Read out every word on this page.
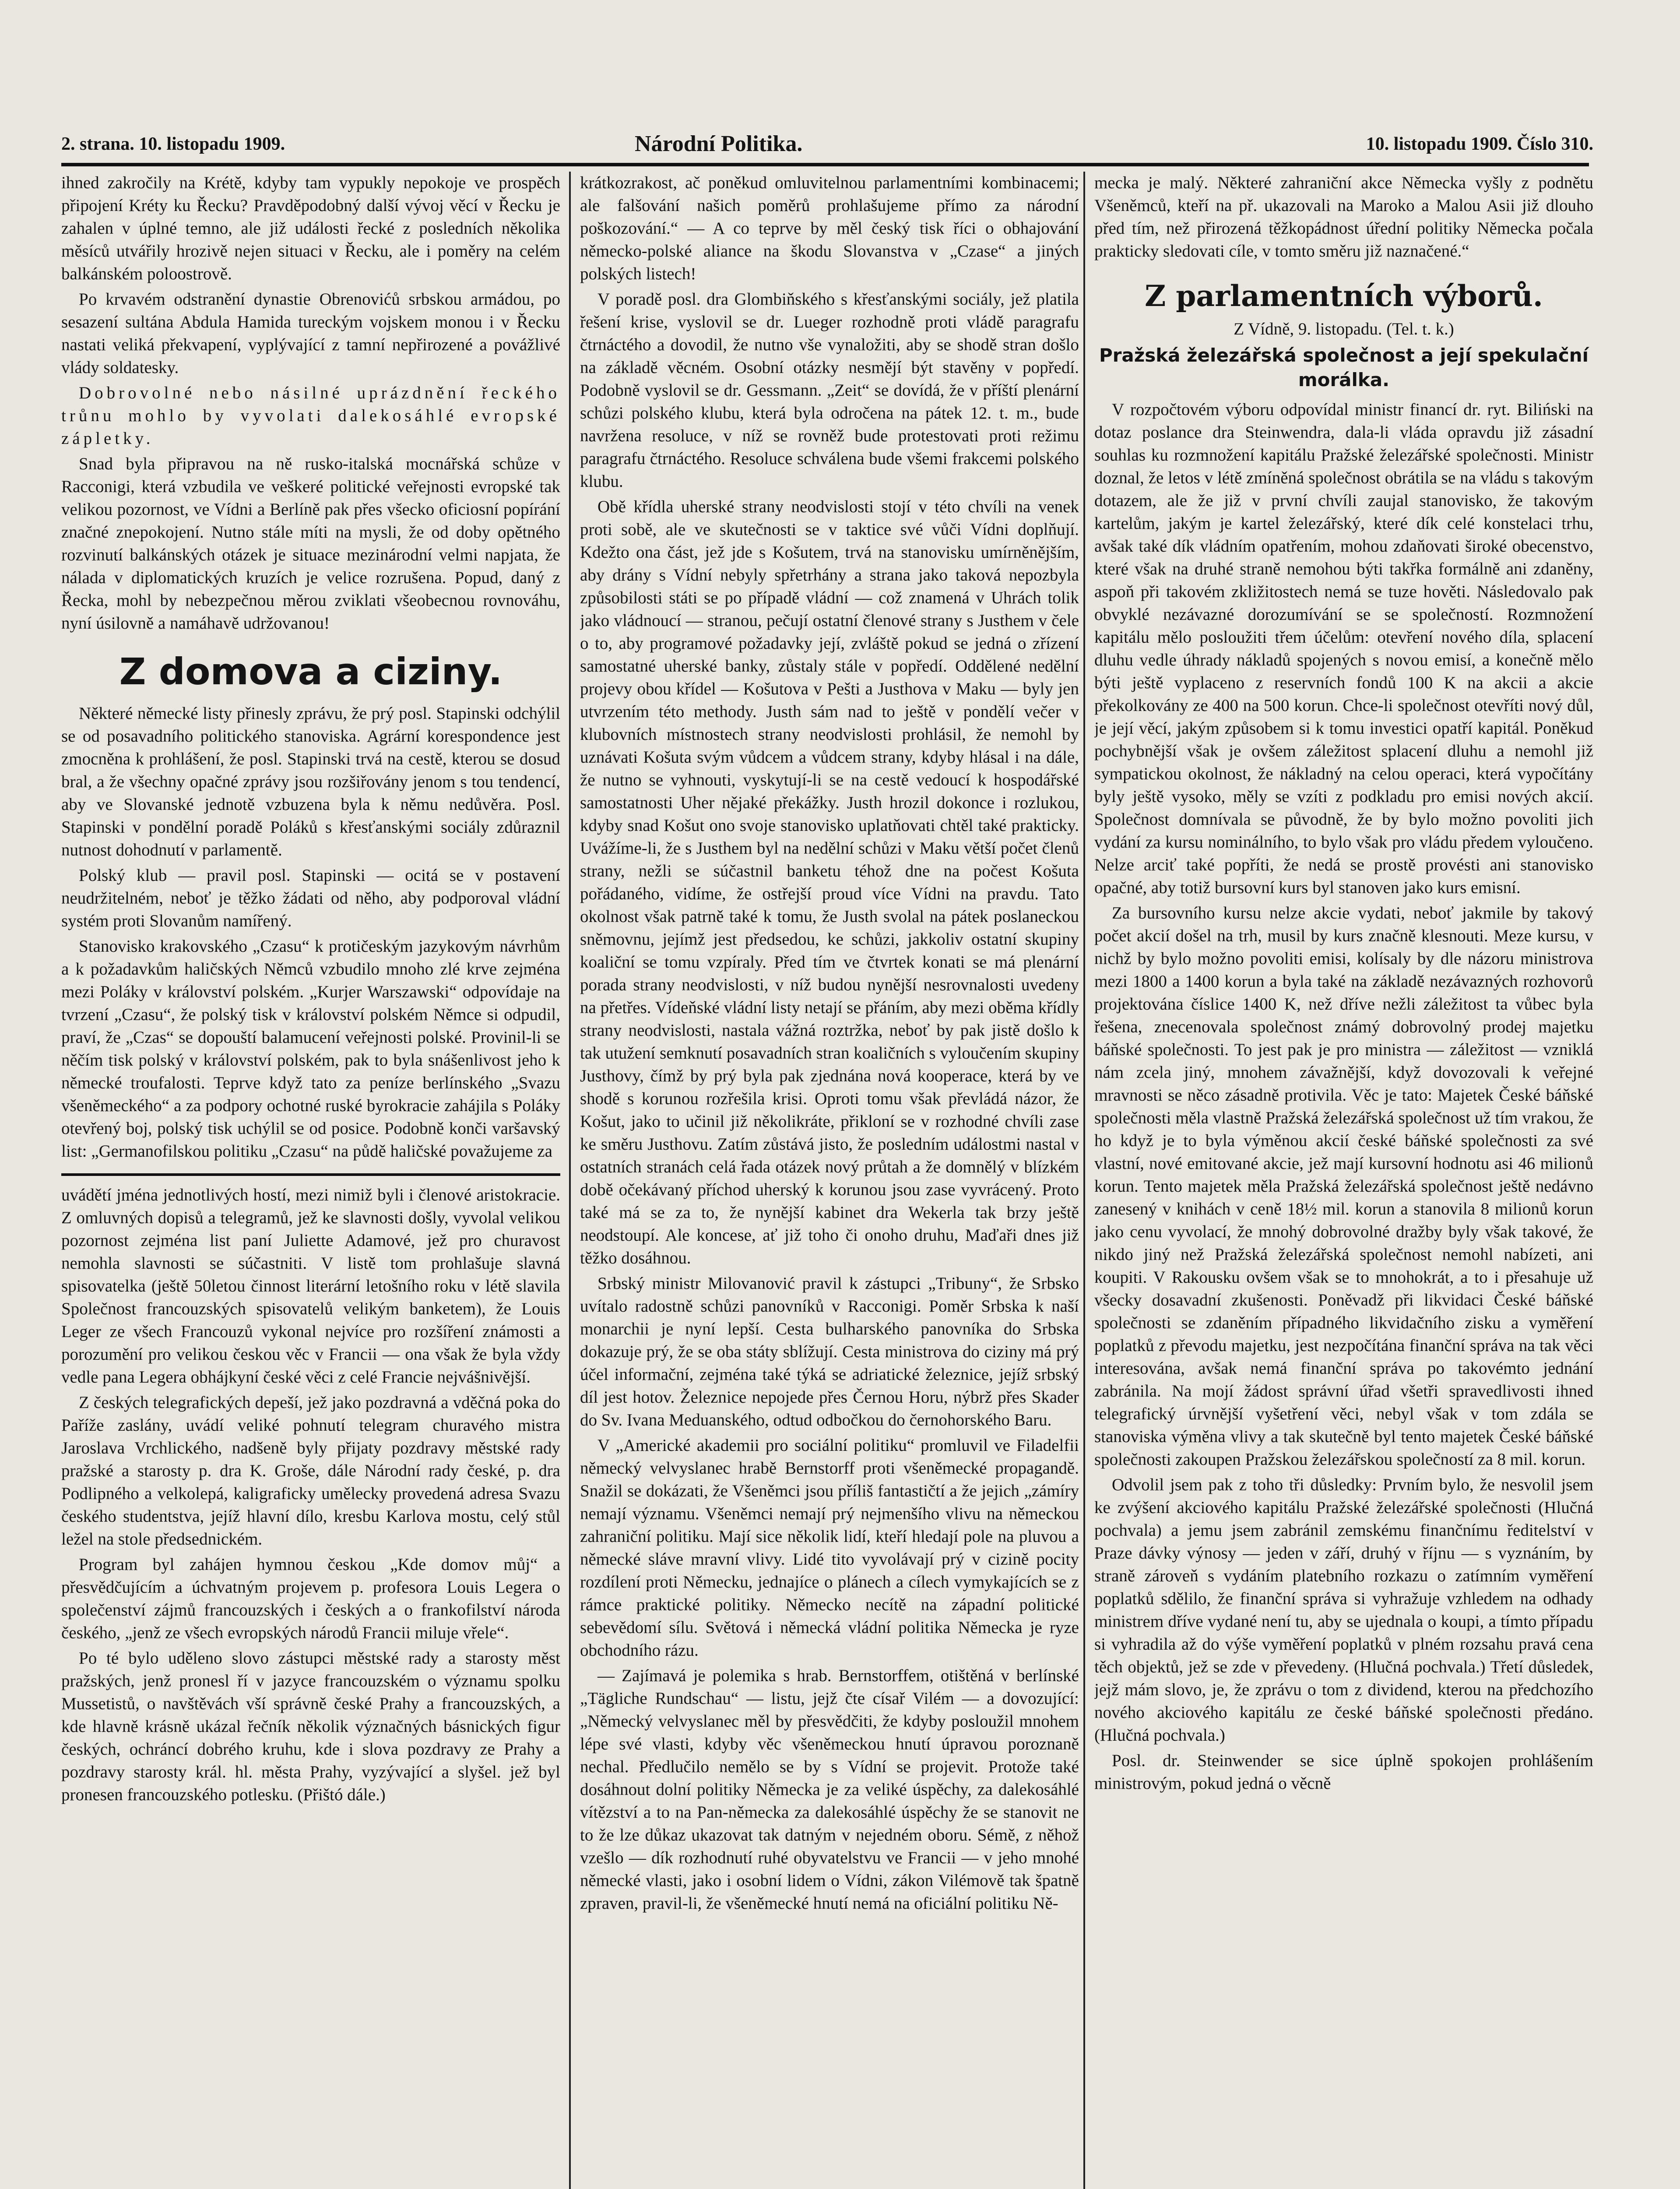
2. strana. 10. listopadu 1909.	Národní Politika.	10. listopadu 1909. Číslo 310.

ihned zakročily na Krétě, kdyby tam vypukly nepokoje ve prospěch připojení Kréty ku Řecku? Pravděpodobný další vývoj věcí v Řecku je zahalen v úplné temno, ale již události řecké z posledních několika měsíců utvářily hrozivě nejen situaci v Řecku, ale i poměry na celém balkánském poloostrově.

Po krvavém odstranění dynastie Obrenovićů srbskou armádou, po sesazení sultána Abdula Hamida tureckým vojskem monou i v Řecku nastati veliká překvapení, vyplývající z tamní nepřirozené a povážlivé vlády soldatesky.

Dobrovolné nebo násilné uprázdnění řeckého trůnu mohlo by vyvolati dalekosáhlé evropské zápletky.

Snad byla připravou na ně rusko-italská mocnářská schůze v Racconigi, která vzbudila ve veškeré politické veřejnosti evropské tak velikou pozornost, ve Vídni a Berlíně pak přes všecko oficiosní popírání značné znepokojení. Nutno stále míti na mysli, že od doby opětného rozvinutí balkánských otázek je situace mezinárodní velmi napjata, že nálada v diplomatických kruzích je velice rozrušena. Popud, daný z Řecka, mohl by nebezpečnou měrou zviklati všeobecnou rovnováhu, nyní úsilovně a namáhavě udržovanou!

Z domova a ciziny.

Některé německé listy přinesly zprávu, že prý posl. Stapinski odchýlil se od posavadního politického stanoviska. Agrární korespondence jest zmocněna k prohlášení, že posl. Stapinski trvá na cestě, kterou se dosud bral, a že všechny opačné zprávy jsou rozšiřovány jenom s tou tendencí, aby ve Slovanské jednotě vzbuzena byla k němu nedůvěra. Posl. Stapinski v pondělní poradě Poláků s křesťanskými sociály zdůraznil nutnost dohodnutí v parlamentě.

Polský klub — pravil posl. Stapinski — ocitá se v postavení neudržitelném, neboť je těžko žádati od něho, aby podporoval vládní systém proti Slovanům namířený.

Stanovisko krakovského „Czasu“ k protičeským jazykovým návrhům a k požadavkům haličských Němců vzbudilo mnoho zlé krve zejména mezi Poláky v království polském. „Kurjer Warszawski“ odpovídaje na tvrzení „Czasu“, že polský tisk v království polském Němce si odpudil, praví, že „Czas“ se dopouští balamucení veřejnosti polské. Provinil-li se něčím tisk polský v království polském, pak to byla snášenlivost jeho k německé troufalosti. Teprve když tato za peníze berlínského „Svazu všeněmeckého“ a za podpory ochotné ruské byrokracie zahájila s Poláky otevřený boj, polský tisk uchýlil se od posice. Podobně konči varšavský list: „Germanofilskou politiku „Czasu“ na půdě haličské považujeme za

uvádětí jména jednotlivých hostí, mezi nimiž byli i členové aristokracie. Z omluvných dopisů a telegramů, jež ke slavnosti došly, vyvolal velikou pozornost zejména list paní Juliette Adamové, jež pro churavost nemohla slavnosti se súčastniti. V listě tom prohlašuje slavná spisovatelka (ještě 50letou činnost literární letošního roku v létě slavila Společnost francouzských spisovatelů velikým banketem), že Louis Leger ze všech Francouzů vykonal nejvíce pro rozšíření známosti a porozumění pro velikou českou věc v Francii — ona však že byla vždy vedle pana Legera obhájkyní české věci z celé Francie nejvášnivější.

Z českých telegrafických depeší, jež jako pozdravná a vděčná poka do Paříže zaslány, uvádí veliké pohnutí telegram churavého mistra Jaroslava Vrchlického, nadšeně byly přijaty pozdravy městské rady pražské a starosty p. dra K. Groše, dále Národní rady české, p. dra Podlipného a velkolepá, kaligraficky umělecky provedená adresa Svazu českého studentstva, jejíž hlavní dílo, kresbu Karlova mostu, celý stůl ležel na stole předsednickém.

Program byl zahájen hymnou českou „Kde domov můj“ a přesvědčujícím a úchvatným projevem p. profesora Louis Legera o společenství zájmů francouzských i českých a o frankofilství národa českého, „jenž ze všech evropských národů Francii miluje vřele“.

Po té bylo uděleno slovo zástupci městské rady a starosty měst pražských, jenž pronesl ří v jazyce francouzském o významu spolku Mussetistů, o navštěvách vší správně české Prahy a francouzských, a kde hlavně krásně ukázal řečník několik význačných básnických figur českých, ochráncí dobrého kruhu, kde i slova pozdravy ze Prahy a pozdravy starosty král. hl. města Prahy, vyzývající a slyšel. jež byl pronesen francouzského potlesku. (Přištó dále.)

krátkozrakost, ač poněkud omluvitelnou parlamentními kombinacemi; ale falšování našich poměrů prohlašujeme přímo za národní poškozování.“ — A co teprve by měl český tisk říci o obhajování německo-polské aliance na škodu Slovanstva v „Czase“ a jiných polských listech!

V poradě posl. dra Glombiňského s křesťanskými sociály, jež platila řešení krise, vyslovil se dr. Lueger rozhodně proti vládě paragrafu čtrnáctého a dovodil, že nutno vše vynaložiti, aby se shodě stran došlo na základě věcném. Osobní otázky nesmějí být stavěny v popředí. Podobně vyslovil se dr. Gessmann. „Zeit“ se dovídá, že v příští plenární schůzi polského klubu, která byla odročena na pátek 12. t. m., bude navržena resoluce, v níž se rovněž bude protestovati proti režimu paragrafu čtrnáctého. Resoluce schválena bude všemi frakcemi polského klubu.

Obě křídla uherské strany neodvislosti stojí v této chvíli na venek proti sobě, ale ve skutečnosti se v taktice své vůči Vídni doplňují. Kdežto ona část, jež jde s Košutem, trvá na stanovisku umírněnějším, aby drány s Vídní nebyly spřetrhány a strana jako taková nepozbyla způsobilosti státi se po případě vládní — což znamená v Uhrách tolik jako vládnoucí — stranou, pečují ostatní členové strany s Justhem v čele o to, aby programové požadavky její, zvláště pokud se jedná o zřízení samostatné uherské banky, zůstaly stále v popředí. Oddělené nedělní projevy obou křídel — Košutova v Pešti a Justhova v Maku — byly jen utvrzením této methody. Justh sám nad to ještě v pondělí večer v klubovních místnostech strany neodvislosti prohlásil, že nemohl by uznávati Košuta svým vůdcem a vůdcem strany, kdyby hlásal i na dále, že nutno se vyhnouti, vyskytují-li se na cestě vedoucí k hospodářské samostatnosti Uher nějaké překážky. Justh hrozil dokonce i rozlukou, kdyby snad Košut ono svoje stanovisko uplatňovati chtěl také prakticky. Uvážíme-li, že s Justhem byl na nedělní schůzi v Maku větší počet členů strany, nežli se súčastnil banketu téhož dne na počest Košuta pořádaného, vidíme, že ostřejší proud více Vídni na pravdu. Tato okolnost však patrně také k tomu, že Justh svolal na pátek poslaneckou sněmovnu, jejímž jest předsedou, ke schůzi, jakkoliv ostatní skupiny koaliční se tomu vzpíraly. Před tím ve čtvrtek konati se má plenární porada strany neodvislosti, v níž budou nynější nesrovnalosti uvedeny na přetřes. Vídeňské vládní listy netají se přáním, aby mezi oběma křídly strany neodvislosti, nastala vážná roztržka, neboť by pak jistě došlo k tak utužení semknutí posavadních stran koaličních s vyloučením skupiny Justhovy, čímž by prý byla pak zjednána nová kooperace, která by ve shodě s korunou rozřešila krisi. Oproti tomu však převládá názor, že Košut, jako to učinil již několikráte, přikloní se v rozhodné chvíli zase ke směru Justhovu. Zatím zůstává jisto, že posledním událostmi nastal v ostatních stranách celá řada otázek nový průtah a že domnělý v blízkém době očekávaný příchod uherský k korunou jsou zase vyvrácený. Proto také má se za to, že nynější kabinet dra Wekerla tak brzy ještě neodstoupí. Ale koncese, ať již toho či onoho druhu, Maďaři dnes již těžko dosáhnou.

Srbský ministr Milovanović pravil k zástupci „Tribuny“, že Srbsko uvítalo radostně schůzi panovníků v Racconigi. Poměr Srbska k naší monarchii je nyní lepší. Cesta bulharského panovníka do Srbska dokazuje prý, že se oba státy sblížují. Cesta ministrova do ciziny má prý účel informační, zejména také týká se adriatické železnice, jejíž srbský díl jest hotov. Železnice nepojede přes Černou Horu, nýbrž přes Skader do Sv. Ivana Meduanského, odtud odbočkou do černohorského Baru.

V „Americké akademii pro sociální politiku“ promluvil ve Filadelfii německý velvyslanec hrabě Bernstorff proti všeněmecké propagandě. Snažil se dokázati, že Všeněmci jsou příliš fantastičtí a že jejich „zámíry nemají významu. Všeněmci nemají prý nejmenšího vlivu na německou zahraniční politiku. Mají sice několik lidí, kteří hledají pole na pluvou a německé sláve mravní vlivy. Lidé tito vyvolávají prý v cizině pocity rozdílení proti Německu, jednajíce o plánech a cílech vymykajících se z rámce praktické politiky. Německo necítě na západní politické sebevědomí sílu. Světová i německá vládní politika Německa je ryze obchodního rázu.

— Zajímavá je polemika s hrab. Bernstorffem, otištěná v berlínské „Tägliche Rundschau“ — listu, jejž čte císař Vilém — a dovozující: „Německý velvyslanec měl by přesvědčiti, že kdyby posloužil mnohem lépe své vlasti, kdyby věc všeněmeckou hnutí úpravou poroznaně nechal. Předlučilo nemělo se by s Vídní se projevit. Protože také dosáhnout dolní politiky Německa je za veliké úspěchy, za dalekosáhlé vítězství a to na Pan-německa za dalekosáhlé úspěchy že se stanovit ne to že lze důkaz ukazovat tak datným v nejedném oboru. Sémě, z něhož vzešlo — dík rozhodnutí ruhé obyvatelstvu ve Francii — v jeho mnohé německé vlasti, jako i osobní lidem o Vídni, zákon Vilémově tak špatně zpraven, pravil-li, že všeněmecké hnutí nemá na oficiální politiku Ně-

mecka je malý. Některé zahraniční akce Německa vyšly z podnětu Všeněmců, kteří na př. ukazovali na Maroko a Malou Asii již dlouho před tím, než přirozená těžkopádnost úřední politiky Německa počala prakticky sledovati cíle, v tomto směru již naznačené.“

Z parlamentních výborů.
Z Vídně, 9. listopadu. (Tel. t. k.)
Pražská železářská společnost a její spekulační morálka.

V rozpočtovém výboru odpovídal ministr financí dr. ryt. Biliński na dotaz poslance dra Steinwendra, dala-li vláda opravdu již zásadní souhlas ku rozmnožení kapitálu Pražské železářské společnosti. Ministr doznal, že letos v létě zmíněná společnost obrátila se na vládu s takovým dotazem, ale že již v první chvíli zaujal stanovisko, že takovým kartelům, jakým je kartel železářský, které dík celé konstelaci trhu, avšak také dík vládním opatřením, mohou zdaňovati široké obecenstvo, které však na druhé straně nemohou býti takřka formálně ani zdaněny, aspoň při takovém zkližitostech nemá se tuze hověti. Následovalo pak obvyklé nezávazné dorozumívání se se společností. Rozmnožení kapitálu mělo posloužiti třem účelům: otevření nového díla, splacení dluhu vedle úhrady nákladů spojených s novou emisí, a konečně mělo býti ještě vyplaceno z reservních fondů 100 K na akcii a akcie překolkovány ze 400 na 500 korun. Chce-li společnost otevříti nový důl, je její věcí, jakým způsobem si k tomu investici opatří kapitál. Poněkud pochybnější však je ovšem záležitost splacení dluhu a nemohl již sympatickou okolnost, že nákladný na celou operaci, která vypočítány byly ještě vysoko, měly se vzíti z podkladu pro emisi nových akcií. Společnost domnívala se původně, že by bylo možno povoliti jich vydání za kursu nominálního, to bylo však pro vládu předem vyloučeno. Nelze arciť také popříti, že nedá se prostě provésti ani stanovisko opačné, aby totiž bursovní kurs byl stanoven jako kurs emisní.

Za bursovního kursu nelze akcie vydati, neboť jakmile by takový počet akcií došel na trh, musil by kurs značně klesnouti. Meze kursu, v nichž by bylo možno povoliti emisi, kolísaly by dle názoru ministrova mezi 1800 a 1400 korun a byla také na základě nezávazných rozhovorů projektována číslice 1400 K, než dříve nežli záležitost ta vůbec byla řešena, znecenovala společnost známý dobrovolný prodej majetku báňské společnosti. To jest pak je pro ministra — záležitost — vzniklá nám zcela jiný, mnohem závažnější, když dovozovali k veřejné mravnosti se něco zásadně protivila. Věc je tato: Majetek České báňské společnosti měla vlastně Pražská železářská společnost už tím vrakou, že ho když je to byla výměnou akcií české báňské společnosti za své vlastní, nové emitované akcie, jež mají kursovní hodnotu asi 46 milionů korun. Tento majetek měla Pražská železářská společnost ještě nedávno zanesený v knihách v ceně 18½ mil. korun a stanovila 8 milionů korun jako cenu vyvolací, že mnohý dobrovolné dražby byly však takové, že nikdo jiný než Pražská železářská společnost nemohl nabízeti, ani koupiti. V Rakousku ovšem však se to mnohokrát, a to i přesahuje už všecky dosavadní zkušenosti. Poněvadž při likvidaci České báňské společnosti se zdaněním případného likvidačního zisku a vyměření poplatků z převodu majetku, jest nezpočítána finanční správa na tak věci interesována, avšak nemá finanční správa po takovémto jednání zabránila. Na mojí žádost správní úřad všetři spravedlivosti ihned telegrafický úrvnější vyšetření věci, nebyl však v tom zdála se stanoviska výměna vlivy a tak skutečně byl tento majetek České báňské společnosti zakoupen Pražskou železářskou společností za 8 mil. korun.

Odvolil jsem pak z toho tři důsledky: Prvním bylo, že nesvolil jsem ke zvýšení akciového kapitálu Pražské železářské společnosti (Hlučná pochvala) a jemu jsem zabránil zemskému finančnímu ředitelství v Praze dávky výnosy — jeden v září, druhý v říjnu — s vyznáním, by straně zároveň s vydáním platebního rozkazu o zatímním vyměření poplatků sdělilo, že finanční správa si vyhražuje vzhledem na odhady ministrem dříve vydané není tu, aby se ujednala o koupi, a tímto případu si vyhradila až do výše vyměření poplatků v plném rozsahu pravá cena těch objektů, jež se zde v převedeny. (Hlučná pochvala.) Třetí důsledek, jejž mám slovo, je, že zprávu o tom z dividend, kterou na předchozího nového akciového kapitálu ze české báňské společnosti předáno. (Hlučná pochvala.)

Posl. dr. Steinwender se sice úplně spokojen prohlášením ministrovým, pokud jedná o věcně
